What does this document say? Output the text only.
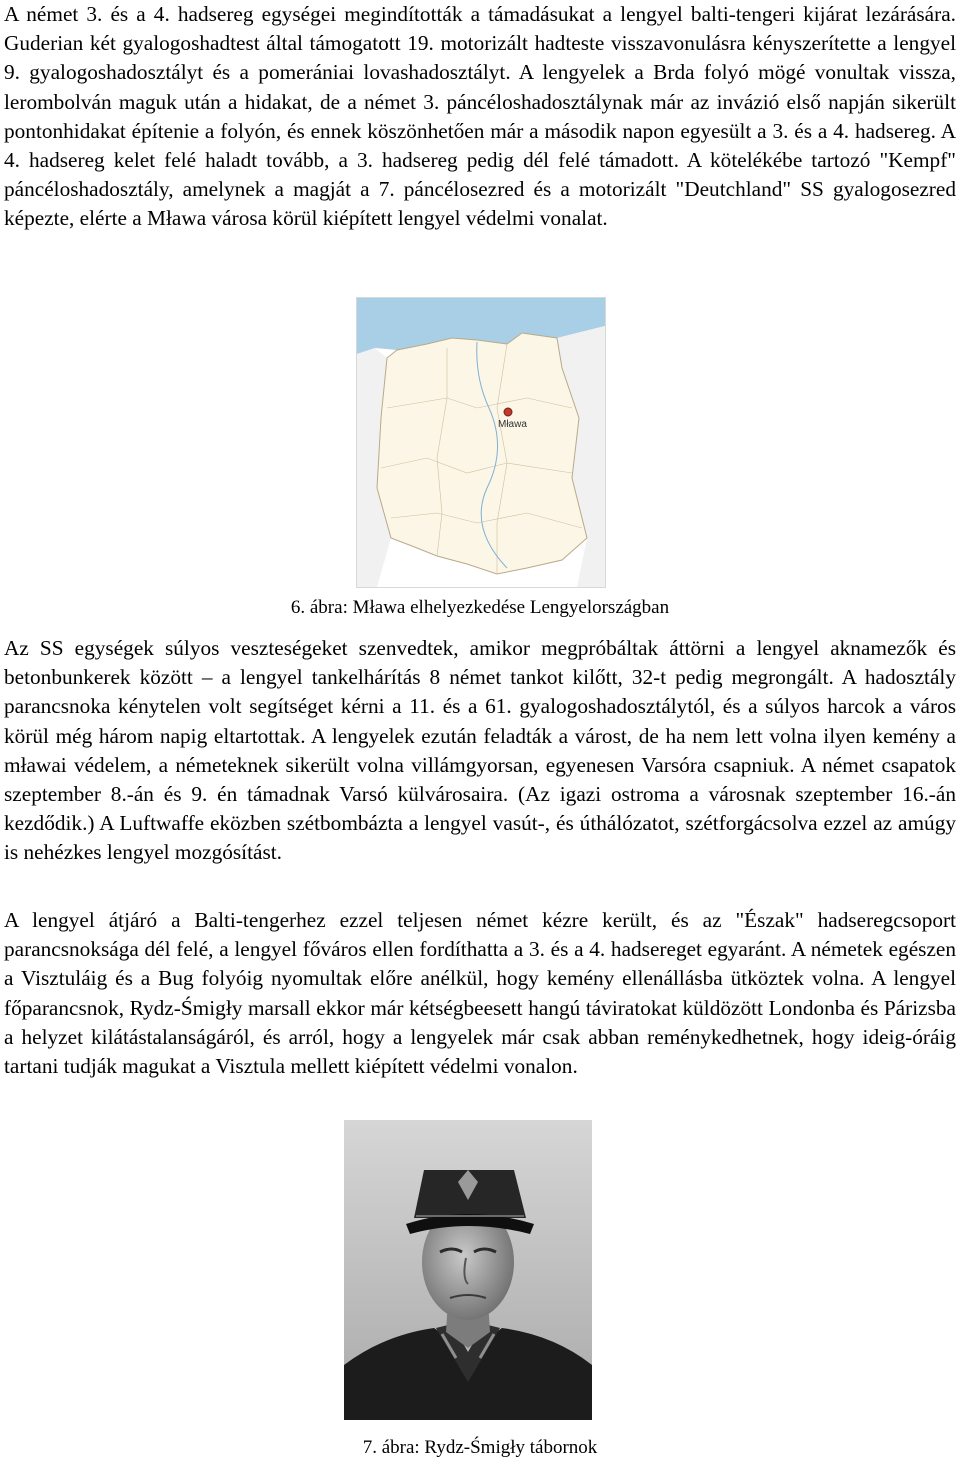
A német 3. és a 4. hadsereg egységei megindították a támadásukat a lengyel balti-tengeri kijárat lezárására. Guderian két gyalogoshadtest által támogatott 19. motorizált hadteste visszavonulásra kényszerítette a lengyel 9. gyalogoshadosztályt és a pomerániai lovashadosztályt. A lengyelek a Brda folyó mögé vonultak vissza, lerombolván maguk után a hidakat, de a német 3. páncéloshadosztálynak már az invázió első napján sikerült pontonhidakat építenie a folyón, és ennek köszönhetően már a második napon egyesült a 3. és a 4. hadsereg. A 4. hadsereg kelet felé haladt tovább, a 3. hadsereg pedig dél felé támadott. A kötelékébe tartozó "Kempf" páncéloshadosztály, amelynek a magját a 7. páncélosezred és a motorizált "Deutchland" SS gyalogosezred képezte, elérte a Mława városa körül kiépített lengyel védelmi vonalat.

Mława
6. ábra: Mława elhelyezkedése Lengyelországban

Az SS egységek súlyos veszteségeket szenvedtek, amikor megpróbáltak áttörni a lengyel aknamezők és betonbunkerek között – a lengyel tankelhárítás 8 német tankot kilőtt, 32-t pedig megrongált. A hadosztály parancsnoka kénytelen volt segítséget kérni a 11. és a 61. gyalogoshadosztálytól, és a súlyos harcok a város körül még három napig eltartottak. A lengyelek ezután feladták a várost, de ha nem lett volna ilyen kemény a mławai védelem, a németeknek sikerült volna villámgyorsan, egyenesen Varsóra csapniuk. A német csapatok szeptember 8.-án és 9. én támadnak Varsó külvárosaira. (Az igazi ostroma a városnak szeptember 16.-án kezdődik.) A Luftwaffe eközben szétbombázta a lengyel vasút-, és úthálózatot, szétforgácsolva ezzel az amúgy is nehézkes lengyel mozgósítást.

A lengyel átjáró a Balti-tengerhez ezzel teljesen német kézre került, és az "Észak" hadseregcsoport parancsnoksága dél felé, a lengyel főváros ellen fordíthatta a 3. és a 4. hadsereget egyaránt. A németek egészen a Visztuláig és a Bug folyóig nyomultak előre anélkül, hogy kemény ellenállásba ütköztek volna. A lengyel főparancsnok, Rydz-Śmigły marsall ekkor már kétségbeesett hangú táviratokat küldözött Londonba és Párizsba a helyzet kilátástalanságáról, és arról, hogy a lengyelek már csak abban reménykedhetnek, hogy ideig-óráig tartani tudják magukat a Visztula mellett kiépített védelmi vonalon.

7. ábra: Rydz-Śmigły tábornok
